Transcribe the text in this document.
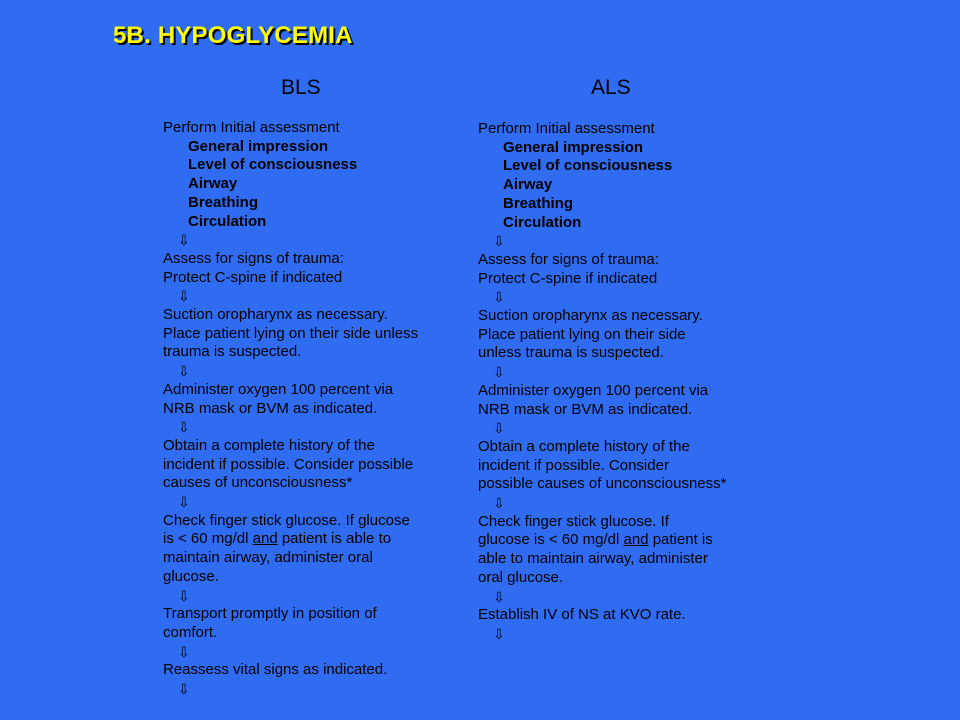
5B. HYPOGLYCEMIA
BLS	ALS
Perform Initial assessment
General impression
Level of consciousness
Airway
Breathing
Circulation
⇩
Assess for signs of trauma:
Protect C-spine if indicated
⇩
Suction oropharynx as necessary.
Place patient lying on their side unless
trauma is suspected.
⇩
Administer oxygen 100 percent via
NRB mask or BVM as indicated.
⇩
Obtain a complete history of the
incident if possible. Consider possible
causes of unconsciousness*
⇩
Check finger stick glucose. If glucose
is < 60 mg/dl and patient is able to
maintain airway, administer oral
glucose.
⇩
Transport promptly in position of
comfort.
⇩
Reassess vital signs as indicated.
⇩
Perform Initial assessment
General impression
Level of consciousness
Airway
Breathing
Circulation
⇩
Assess for signs of trauma:
Protect C-spine if indicated
⇩
Suction oropharynx as necessary.
Place patient lying on their side
unless trauma is suspected.
⇩
Administer oxygen 100 percent via
NRB mask or BVM as indicated.
⇩
Obtain a complete history of the
incident if possible. Consider
possible causes of unconsciousness*
⇩
Check finger stick glucose. If
glucose is < 60 mg/dl and patient is
able to maintain airway, administer
oral glucose.
⇩
Establish IV of NS at KVO rate.
⇩
